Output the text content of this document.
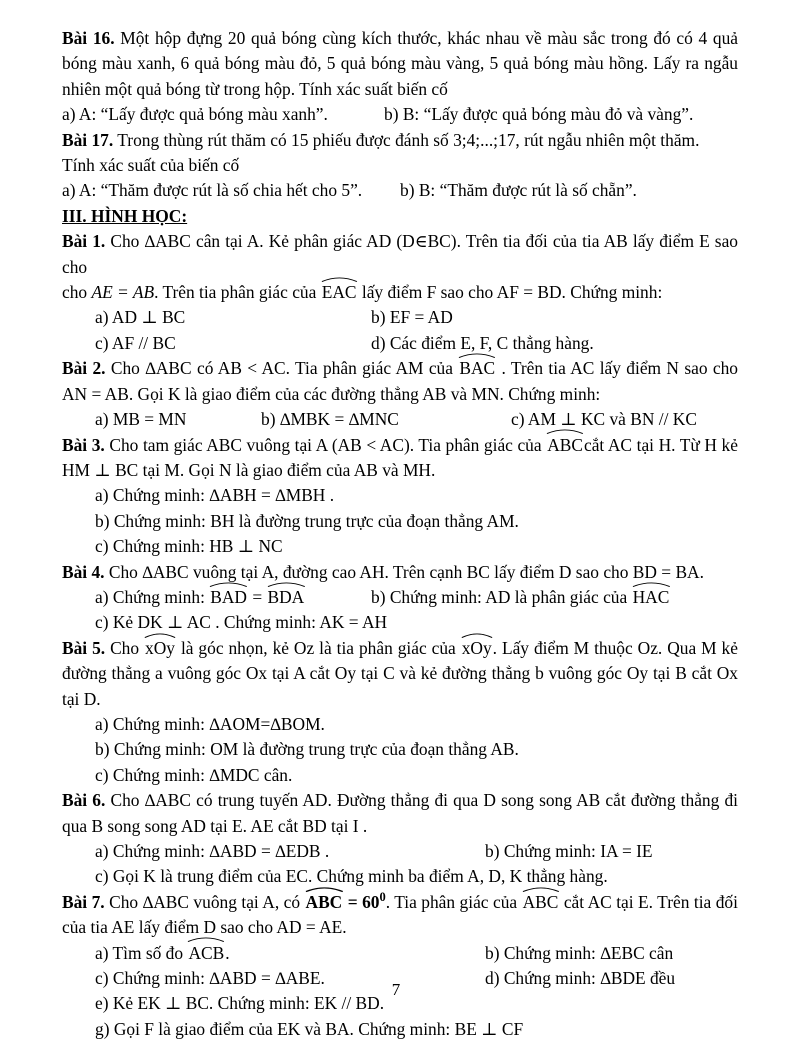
Bài 16. Một hộp đựng 20 quả bóng cùng kích thước, khác nhau về màu sắc trong đó có 4 quả bóng màu xanh, 6 quả bóng màu đỏ, 5 quả bóng màu vàng, 5 quả bóng màu hồng. Lấy ra ngẫu nhiên một quả bóng từ trong hộp. Tính xác suất biến cố

a) A: “Lấy được quả bóng màu xanh”.	b) B: “Lấy được quả bóng màu đỏ và vàng”.

Bài 17. Trong thùng rút thăm có 15 phiếu được đánh số 3;4;...;17, rút ngẫu nhiên một thăm.

Tính xác suất của biến cố

a) A: “Thăm được rút là số chia hết cho 5”. b) B: “Thăm được rút là số chẵn”.

III. HÌNH HỌC:

Bài 1. Cho ∆ABC cân tại A. Kẻ phân giác AD (D∈BC). Trên tia đối của tia AB lấy điểm E sao cho

cho AE = AB. Trên tia phân giác của EAC lấy điểm F sao cho AF = BD. Chứng minh:

a) AD ⊥ BC	b) EF = AD
c) AF // BC	d) Các điểm E, F, C thẳng hàng.

Bài 2. Cho ∆ABC có AB < AC. Tia phân giác AM của BAC . Trên tia AC lấy điểm N sao cho AN = AB. Gọi K là giao điểm của các đường thẳng AB và MN. Chứng minh:

a) MB = MN	b) ∆MBK = ∆MNC	c) AM ⊥ KC và BN // KC

Bài 3. Cho tam giác ABC vuông tại A (AB < AC). Tia phân giác của ABCcắt AC tại H. Từ H kẻ HM ⊥ BC tại M. Gọi N là giao điểm của AB và MH.

a) Chứng minh: ∆ABH = ∆MBH .
b) Chứng minh: BH là đường trung trực của đoạn thẳng AM.c) Chứng minh: HB ⊥ NC

Bài 4. Cho ∆ABC vuông tại A, đường cao AH. Trên cạnh BC lấy điểm D sao cho BD = BA.

a) Chứng minh: BAD = BDA	b) Chứng minh: AD là phân giác của HAC
c) Kẻ DK ⊥ AC . Chứng minh: AK = AH

Bài 5. Cho xOy là góc nhọn, kẻ Oz là tia phân giác của xOy. Lấy điểm M thuộc Oz. Qua M kẻ đường thẳng a vuông góc Ox tại A cắt Oy tại C và kẻ đường thẳng b vuông góc Oy tại B cắt Ox tại D.

a) Chứng minh: ∆AOM=∆BOM.
b) Chứng minh: OM là đường trung trực của đoạn thẳng AB.
c) Chứng minh: ∆MDC cân.

Bài 6. Cho ∆ABC có trung tuyến AD. Đường thẳng đi qua D song song AB cắt đường thẳng đi qua B song song AD tại E. AE cắt BD tại I .

a) Chứng minh: ∆ABD = ∆EDB .	b) Chứng minh: IA = IE
c) Gọi K là trung điểm của EC. Chứng minh ba điểm A, D, K thẳng hàng.

Bài 7. Cho ∆ABC vuông tại A, có ABC = $60^0$. Tia phân giác của ABC cắt AC tại E. Trên tia đối của tia AE lấy điểm D sao cho AD = AE.

a) Tìm số đo ACB.	b) Chứng minh: ∆EBC cân
c) Chứng minh: ∆ABD = ∆ABE.	d) Chứng minh: ∆BDE đều
e) Kẻ EK ⊥ BC. Chứng minh: EK // BD.
g) Gọi F là giao điểm của EK và BA. Chứng minh: BE ⊥ CF
7
